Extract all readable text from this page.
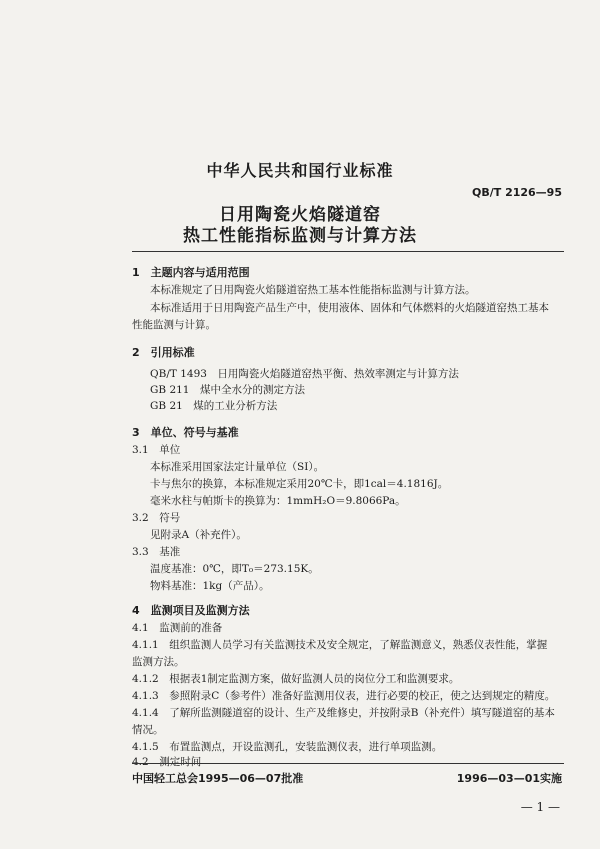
中华人民共和国行业标准
QB/T 2126—95
日用陶瓷火焰隧道窑
热工性能指标监测与计算方法
1　主题内容与适用范围
本标准规定了日用陶瓷火焰隧道窑热工基本性能指标监测与计算方法。
本标准适用于日用陶瓷产品生产中，使用液体、固体和气体燃料的火焰隧道窑热工基本
性能监测与计算。
2　引用标准
QB/T 1493　日用陶瓷火焰隧道窑热平衡、热效率测定与计算方法
GB 211　煤中全水分的测定方法
GB 21　煤的工业分析方法
3　单位、符号与基准
3.1　单位
本标准采用国家法定计量单位（SI）。
卡与焦尔的换算，本标准规定采用20℃卡，即1cal＝4.1816J。
毫米水柱与帕斯卡的换算为：1mmH₂O＝9.8066Pa。
3.2　符号
见附录A（补充件）。
3.3　基准
温度基准：0℃，即T₀＝273.15K。
物料基准：1kg（产品）。
4　监测项目及监测方法
4.1　监测前的准备
4.1.1　组织监测人员学习有关监测技术及安全规定，了解监测意义，熟悉仪表性能，掌握
监测方法。
4.1.2　根据表1制定监测方案，做好监测人员的岗位分工和监测要求。
4.1.3　参照附录C（参考件）准备好监测用仪表，进行必要的校正，使之达到规定的精度。
4.1.4　了解所监测隧道窑的设计、生产及维修史，并按附录B（补充件）填写隧道窑的基本
情况。
4.1.5　布置监测点，开设监测孔，安装监测仪表，进行单项监测。
4.2　测定时间
中国轻工总会1995—06—07批准	1996—03—01实施
— 1 —
